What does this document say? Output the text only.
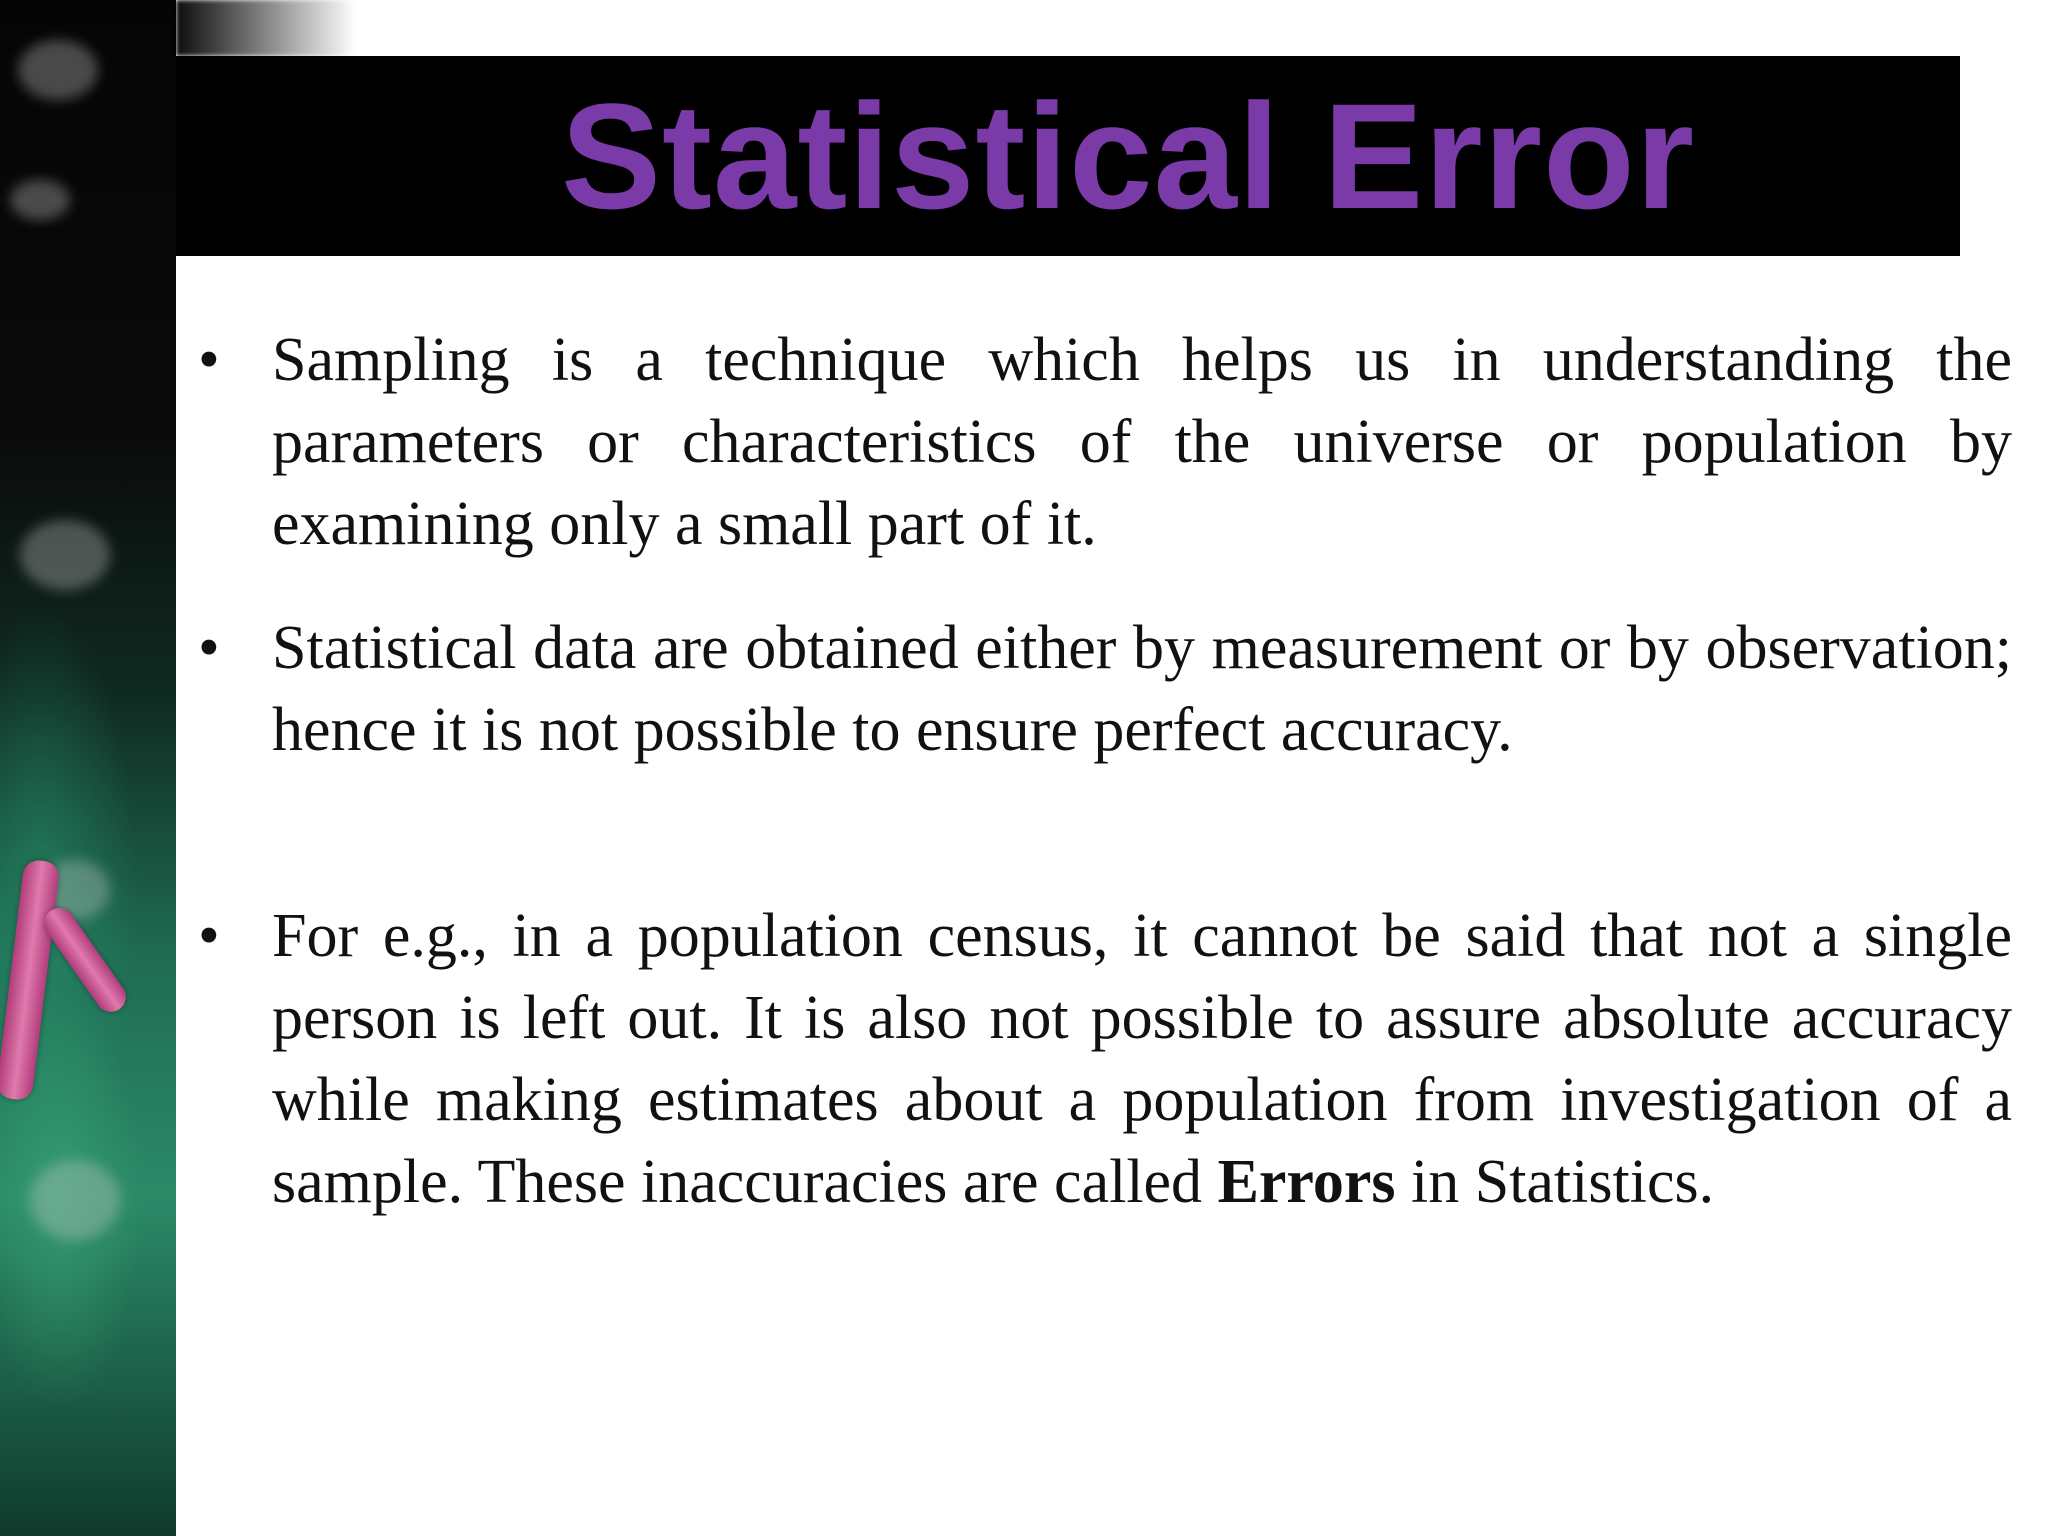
Statistical Error
• Sampling is a technique which helps us in understanding the parameters or characteristics of the universe or population by examining only a small part of it.
• Statistical data are obtained either by measurement or by observation; hence it is not possible to ensure perfect accuracy.
• For e.g., in a population census, it cannot be said that not a single person is left out. It is also not possible to assure absolute accuracy while making estimates about a population from investigation of a sample. These inaccuracies are called Errors in Statistics.
